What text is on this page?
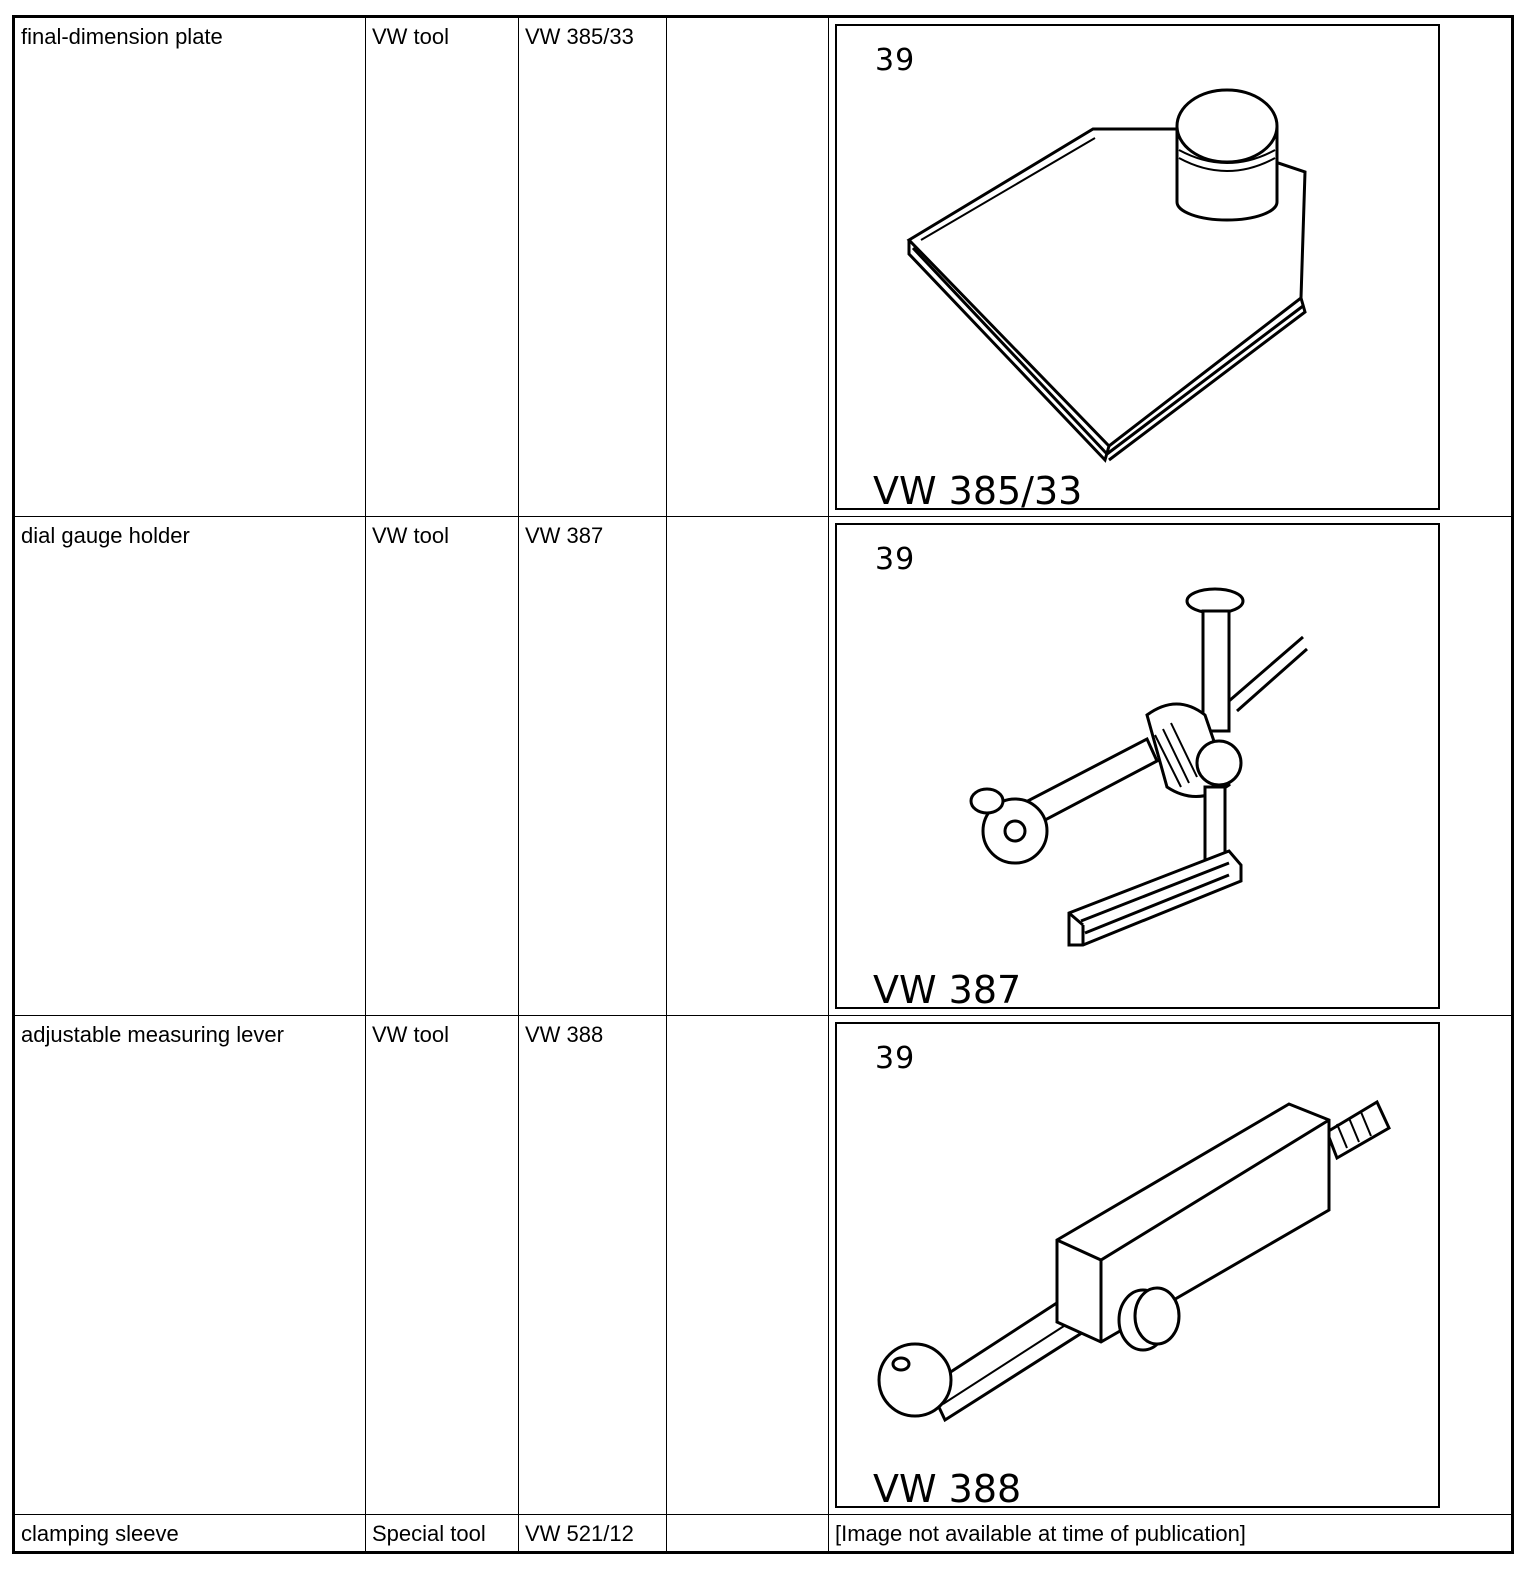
final-dimension plate	VW tool	VW 385/33		39
VW 385/33

dial gauge holder	VW tool	VW 387		39
VW 387

adjustable measuring lever	VW tool	VW 388		39
VW 388

clamping sleeve	Special tool	VW 521/12		[Image not available at time of publication]
